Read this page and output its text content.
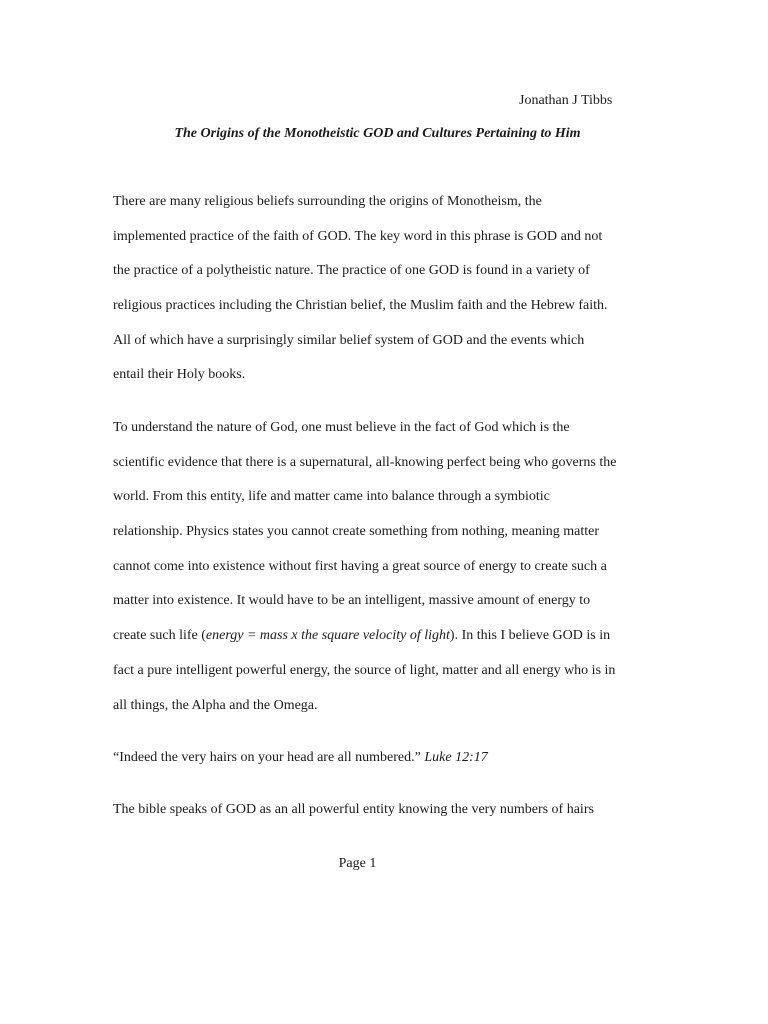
Jonathan J Tibbs
The Origins of the Monotheistic GOD and Cultures Pertaining to Him
There are many religious beliefs surrounding the origins of Monotheism, the
implemented practice of the faith of GOD. The key word in this phrase is GOD and not
the practice of a polytheistic nature. The practice of one GOD is found in a variety of
religious practices including the Christian belief, the Muslim faith and the Hebrew faith.
All of which have a surprisingly similar belief system of GOD and the events which
entail their Holy books.
To understand the nature of God, one must believe in the fact of God which is the
scientific evidence that there is a supernatural, all-knowing perfect being who governs the
world. From this entity, life and matter came into balance through a symbiotic
relationship. Physics states you cannot create something from nothing, meaning matter
cannot come into existence without first having a great source of energy to create such a
matter into existence. It would have to be an intelligent, massive amount of energy to
create such life (energy = mass x the square velocity of light). In this I believe GOD is in
fact a pure intelligent powerful energy, the source of light, matter and all energy who is in
all things, the Alpha and the Omega.
“Indeed the very hairs on your head are all numbered.” Luke 12:17
The bible speaks of GOD as an all powerful entity knowing the very numbers of hairs
Page 1
